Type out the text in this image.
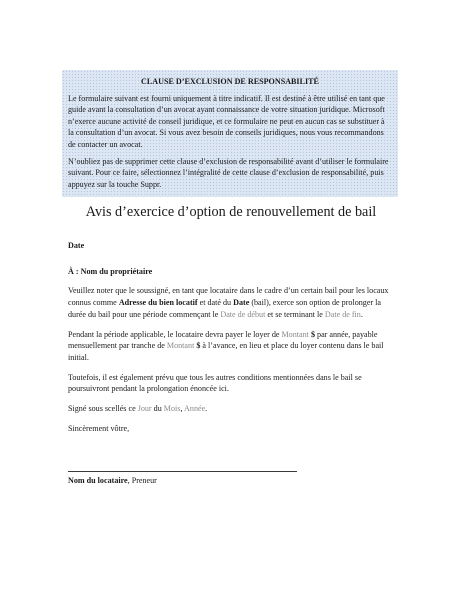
CLAUSE D’EXCLUSION DE RESPONSABILITÉ

Le formulaire suivant est fourni uniquement à titre indicatif. Il est destiné à être utilisé en tant que guide avant la consultation d’un avocat ayant connaissance de votre situation juridique. Microsoft n’exerce aucune activité de conseil juridique, et ce formulaire ne peut en aucun cas se substituer à la consultation d’un avocat. Si vous avez besoin de conseils juridiques, nous vous recommandons de contacter un avocat.

N’oubliez pas de supprimer cette clause d’exclusion de responsabilité avant d’utiliser le formulaire suivant. Pour ce faire, sélectionnez l’intégralité de cette clause d’exclusion de responsabilité, puis appuyez sur la touche Suppr.

Avis d’exercice d’option de renouvellement de bail

Date

À : Nom du propriétaire

Veuillez noter que le soussigné, en tant que locataire dans le cadre d’un certain bail pour les locaux connus comme Adresse du bien locatif et daté du Date (bail), exerce son option de prolonger la durée du bail pour une période commençant le Date de début et se terminant le Date de fin.

Pendant la période applicable, le locataire devra payer le loyer de Montant $ par année, payable mensuellement par tranche de Montant $ à l’avance, en lieu et place du loyer contenu dans le bail initial.

Toutefois, il est également prévu que tous les autres conditions mentionnées dans le bail se poursuivront pendant la prolongation énoncée ici.

Signé sous scellés ce Jour du Mois, Année.

Sincèrement vôtre,

Nom du locataire, Preneur
